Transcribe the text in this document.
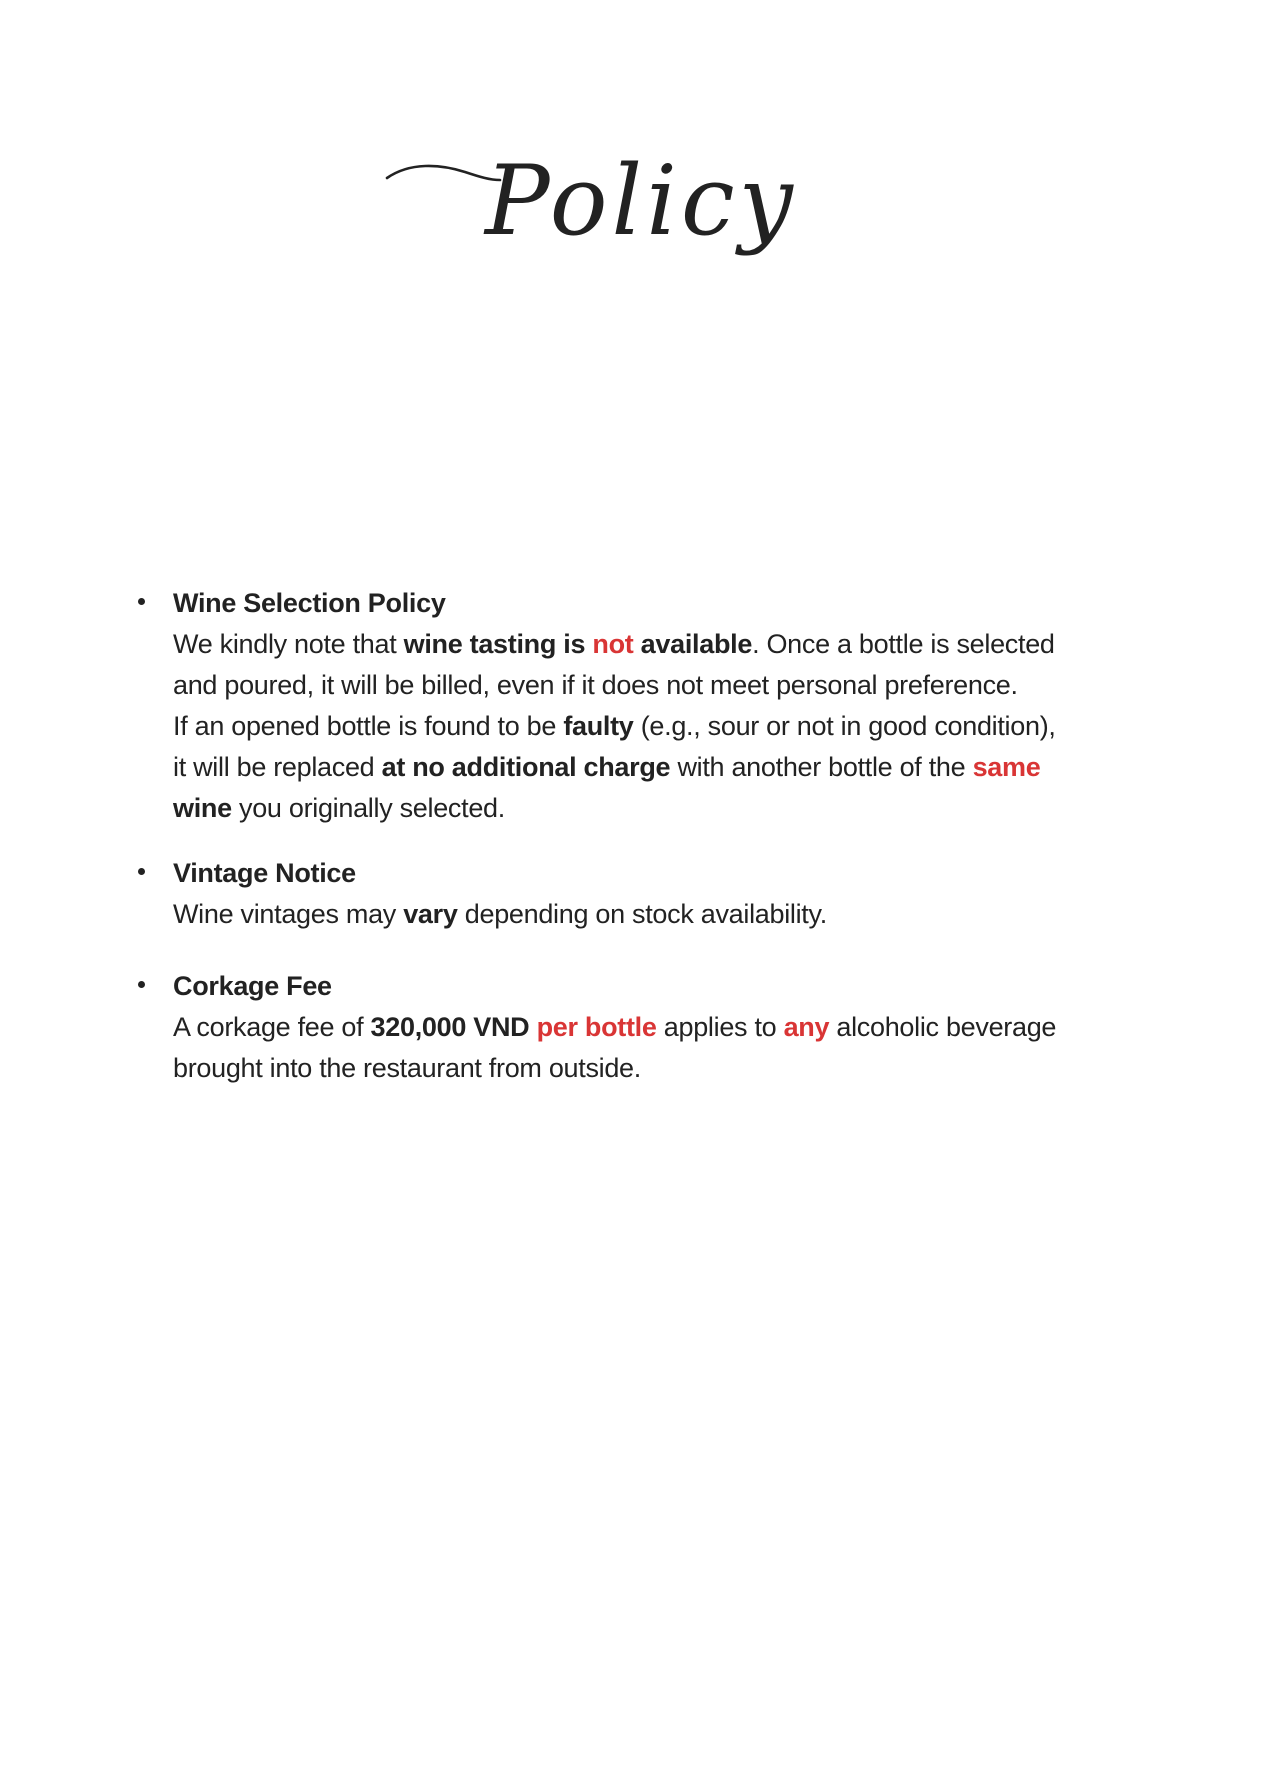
Policy
Wine Selection Policy
We kindly note that wine tasting is not available. Once a bottle is selected
and poured, it will be billed, even if it does not meet personal preference.
If an opened bottle is found to be faulty (e.g., sour or not in good condition),
it will be replaced at no additional charge with another bottle of the same
wine you originally selected.
Vintage Notice
Wine vintages may vary depending on stock availability.
Corkage Fee
A corkage fee of 320,000 VND per bottle applies to any alcoholic beverage
brought into the restaurant from outside.
